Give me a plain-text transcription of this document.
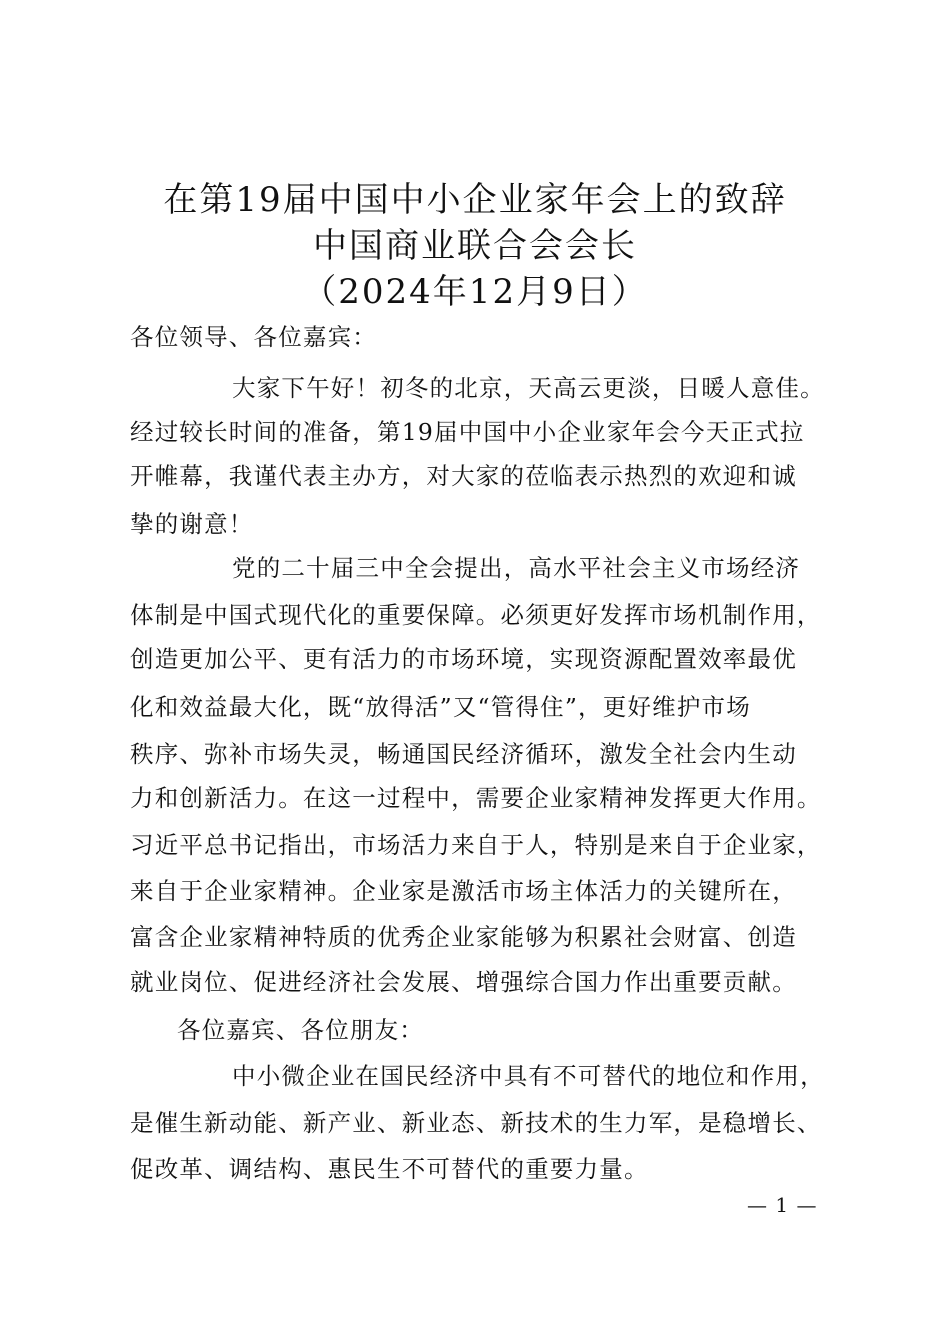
在第19届中国中小企业家年会上的致辞
中国商业联合会会长
（2024年12月9日）
各位领导、各位嘉宾：
大家下午好！初冬的北京，天高云更淡，日暖人意佳。
经过较长时间的准备，第19届中国中小企业家年会今天正式拉
开帷幕，我谨代表主办方，对大家的莅临表示热烈的欢迎和诚
挚的谢意！
党的二十届三中全会提出，高水平社会主义市场经济
体制是中国式现代化的重要保障。必须更好发挥市场机制作用，
创造更加公平、更有活力的市场环境，实现资源配置效率最优
化和效益最大化，既“放得活”又“管得住”，更好维护市场
秩序、弥补市场失灵，畅通国民经济循环，激发全社会内生动
力和创新活力。在这一过程中，需要企业家精神发挥更大作用。
习近平总书记指出，市场活力来自于人，特别是来自于企业家，
来自于企业家精神。企业家是激活市场主体活力的关键所在，
富含企业家精神特质的优秀企业家能够为积累社会财富、创造
就业岗位、促进经济社会发展、增强综合国力作出重要贡献。
各位嘉宾、各位朋友：
中小微企业在国民经济中具有不可替代的地位和作用，
是催生新动能、新产业、新业态、新技术的生力军，是稳增长、
促改革、调结构、惠民生不可替代的重要力量。
— 1 —
